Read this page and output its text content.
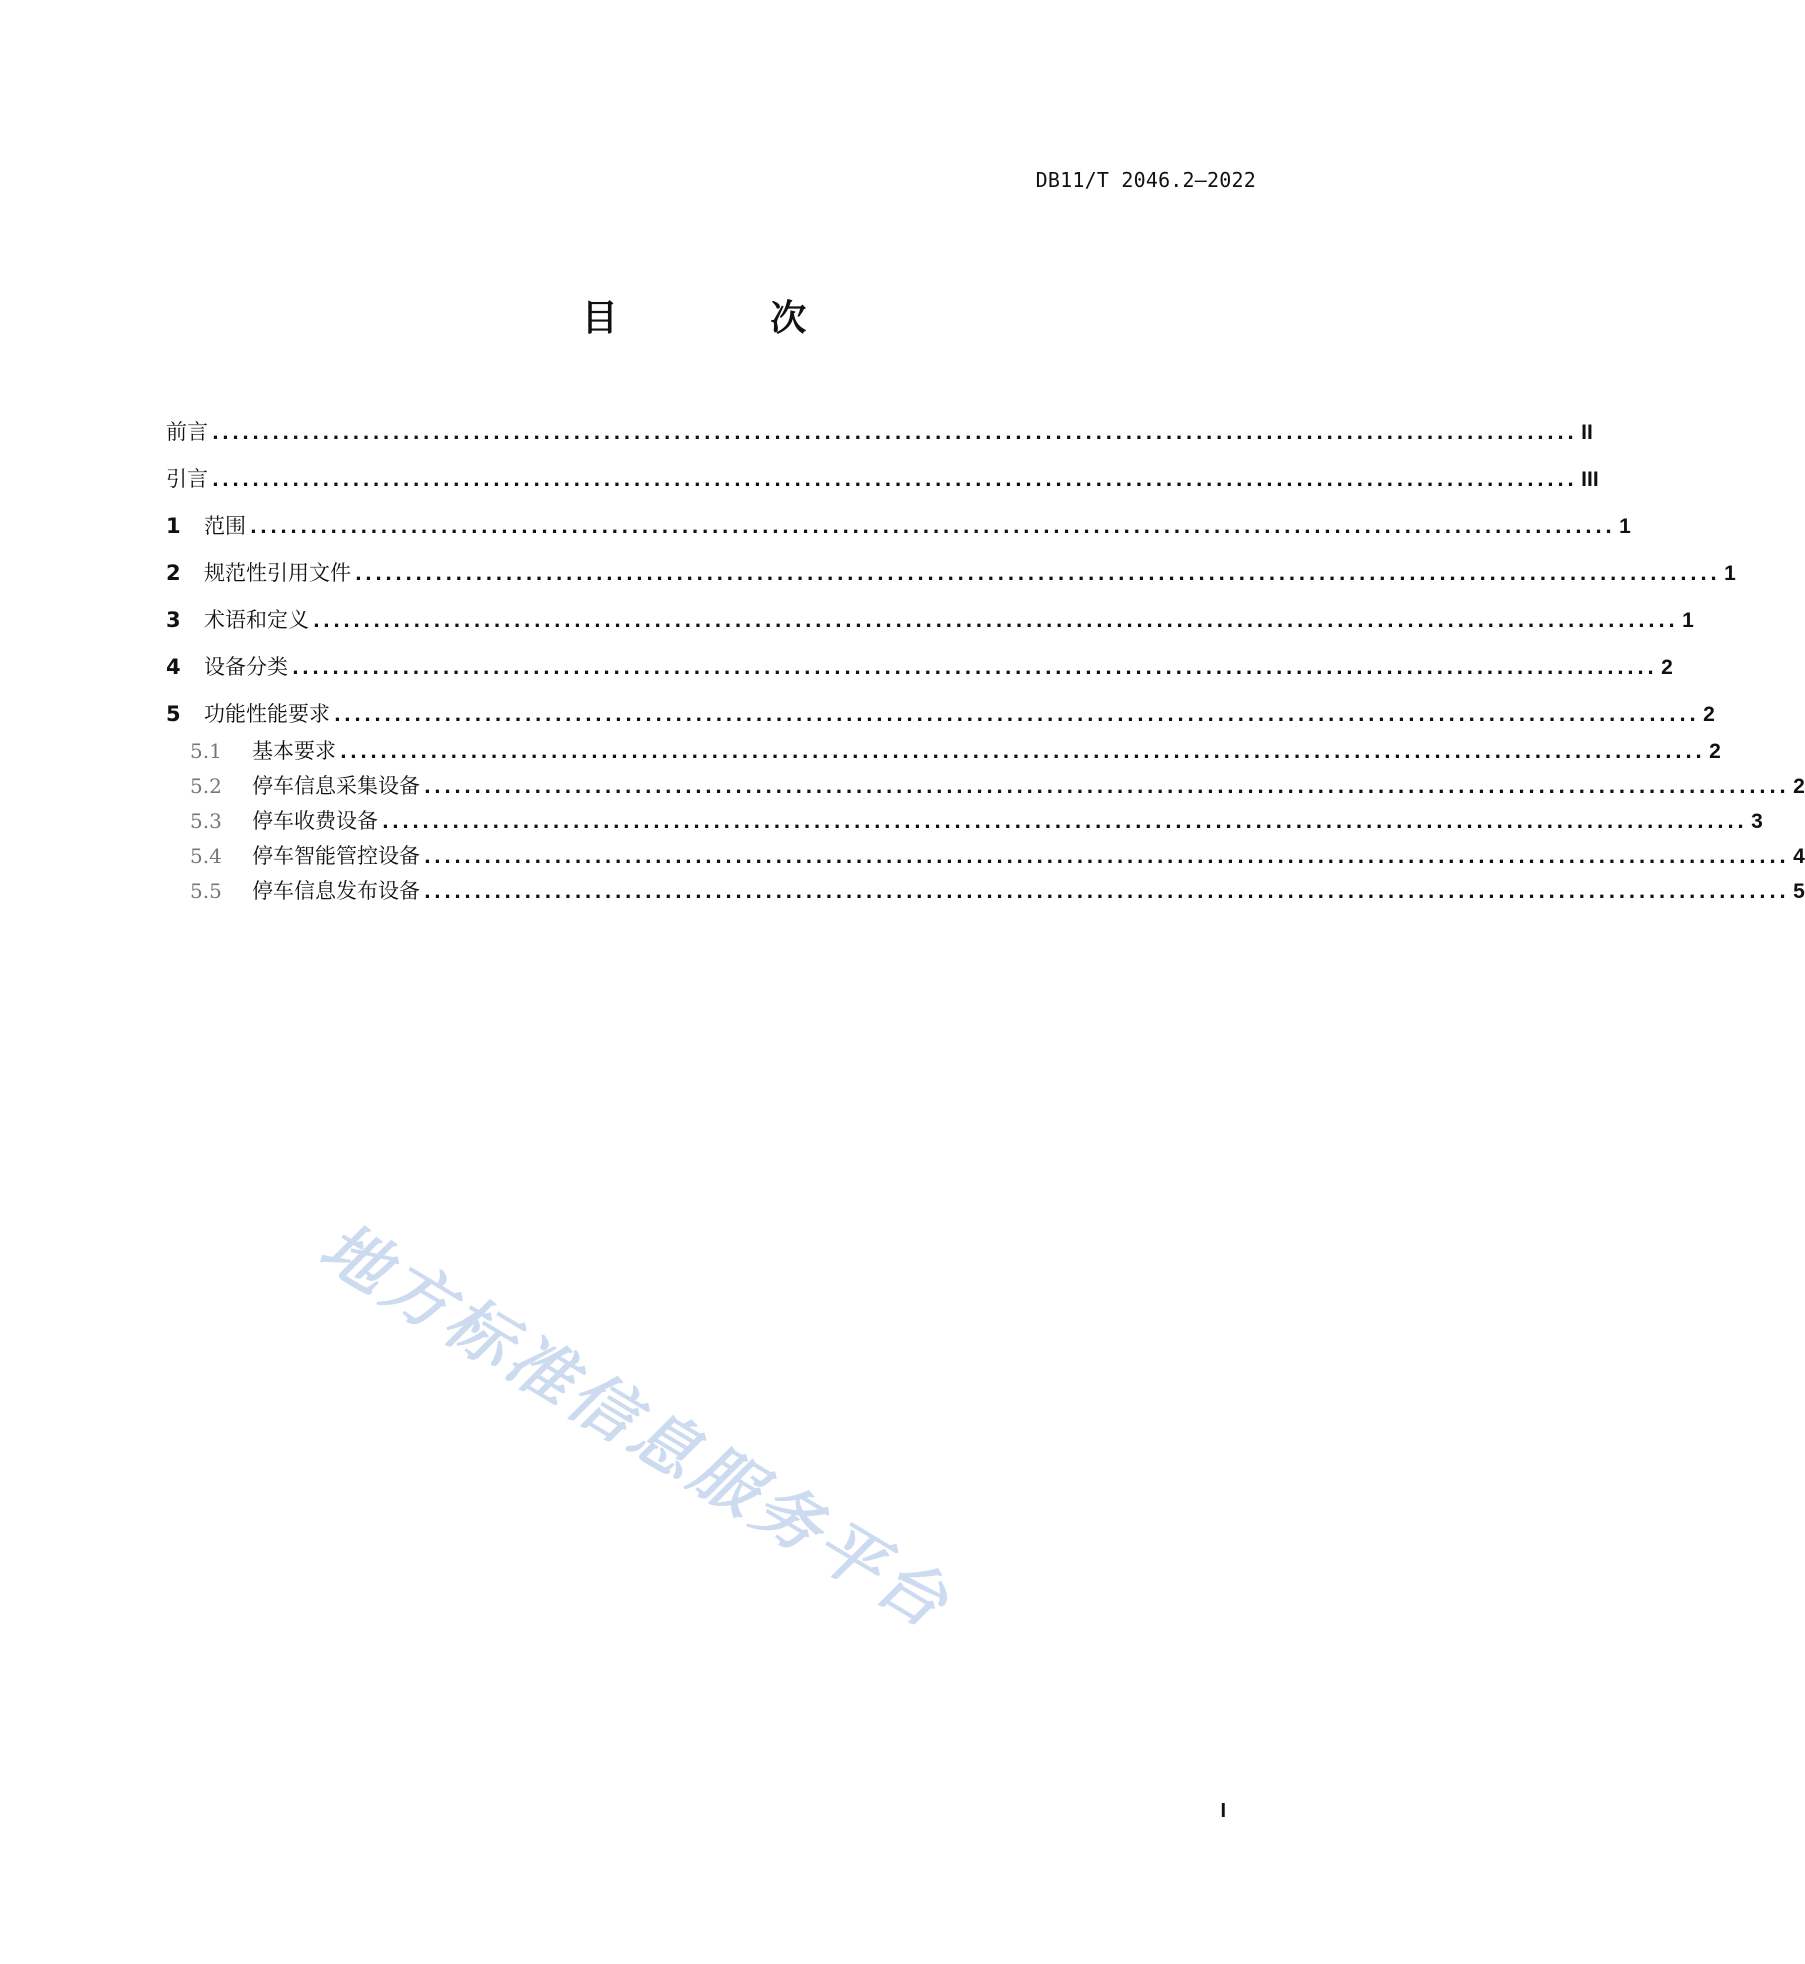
DB11/T 2046.2—2022
目 次
前言 ........................................................................................................................................ II
引言 ........................................................................................................................................ III
1	范围 ........................................................................................................................................ 1
2	规范性引用文件 ........................................................................................................................................ 1
3	术语和定义 ........................................................................................................................................ 1
4	设备分类 ........................................................................................................................................ 2
5	功能性能要求 ........................................................................................................................................ 2
5.1	基本要求 ........................................................................................................................................ 2
5.2	停车信息采集设备 ........................................................................................................................................ 2
5.3	停车收费设备 ........................................................................................................................................ 3
5.4	停车智能管控设备 ........................................................................................................................................ 4
5.5	停车信息发布设备 ........................................................................................................................................ 5
地方标准信息服务平台
I
